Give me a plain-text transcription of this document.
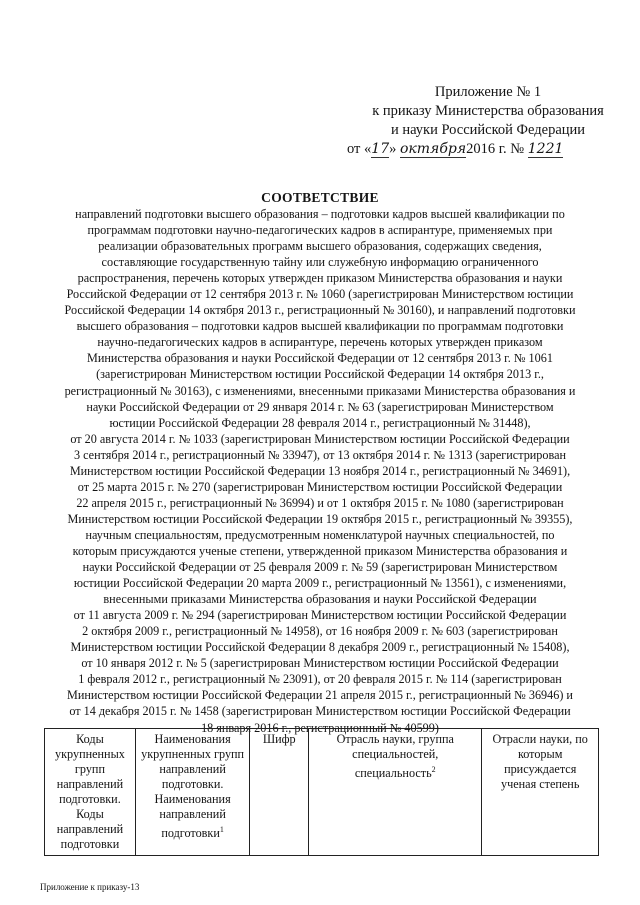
Приложение № 1
к приказу Министерства образования
и науки Российской Федерации
от «17» октября2016 г. № 1221
СООТВЕТСТВИЕ
направлений подготовки высшего образования – подготовки кадров высшей квалификации по
программам подготовки научно-педагогических кадров в аспирантуре, применяемых при
реализации образовательных программ высшего образования, содержащих сведения,
составляющие государственную тайну или служебную информацию ограниченного
распространения, перечень которых утвержден приказом Министерства образования и науки
Российской Федерации от 12 сентября 2013 г. № 1060 (зарегистрирован Министерством юстиции
Российской Федерации 14 октября 2013 г., регистрационный № 30160), и направлений подготовки
высшего образования – подготовки кадров высшей квалификации по программам подготовки
научно-педагогических кадров в аспирантуре, перечень которых утвержден приказом
Министерства образования и науки Российской Федерации от 12 сентября 2013 г. № 1061
(зарегистрирован Министерством юстиции Российской Федерации 14 октября 2013 г.,
регистрационный № 30163), с изменениями, внесенными приказами Министерства образования и
науки Российской Федерации от 29 января 2014 г. № 63 (зарегистрирован Министерством
юстиции Российской Федерации 28 февраля 2014 г., регистрационный № 31448),
от 20 августа 2014 г. № 1033 (зарегистрирован Министерством юстиции Российской Федерации
3 сентября 2014 г., регистрационный № 33947), от 13 октября 2014 г. № 1313 (зарегистрирован
Министерством юстиции Российской Федерации 13 ноября 2014 г., регистрационный № 34691),
от 25 марта 2015 г. № 270 (зарегистрирован Министерством юстиции Российской Федерации
22 апреля 2015 г., регистрационный № 36994) и от 1 октября 2015 г. № 1080 (зарегистрирован
Министерством юстиции Российской Федерации 19 октября 2015 г., регистрационный № 39355),
научным специальностям, предусмотренным номенклатурой научных специальностей, по
которым присуждаются ученые степени, утвержденной приказом Министерства образования и
науки Российской Федерации от 25 февраля 2009 г. № 59 (зарегистрирован Министерством
юстиции Российской Федерации 20 марта 2009 г., регистрационный № 13561), с изменениями,
внесенными приказами Министерства образования и науки Российской Федерации
от 11 августа 2009 г. № 294 (зарегистрирован Министерством юстиции Российской Федерации
2 октября 2009 г., регистрационный № 14958), от 16 ноября 2009 г. № 603 (зарегистрирован
Министерством юстиции Российской Федерации 8 декабря 2009 г., регистрационный № 15408),
от 10 января 2012 г. № 5 (зарегистрирован Министерством юстиции Российской Федерации
1 февраля 2012 г., регистрационный № 23091), от 20 февраля 2015 г. № 114 (зарегистрирован
Министерством юстиции Российской Федерации 21 апреля 2015 г., регистрационный № 36946) и
от 14 декабря 2015 г. № 1458 (зарегистрирован Министерством юстиции Российской Федерации
18 января 2016 г., регистрационный № 40599)
Коды укрупненных групп направлений подготовки. Коды направлений подготовки	Наименования укрупненных групп направлений подготовки. Наименования направлений подготовки$^1$	Шифр	Отрасль науки, группа специальностей, специальность$^2$	Отрасли науки, по которым присуждается ученая степень
Приложение к приказу-13
